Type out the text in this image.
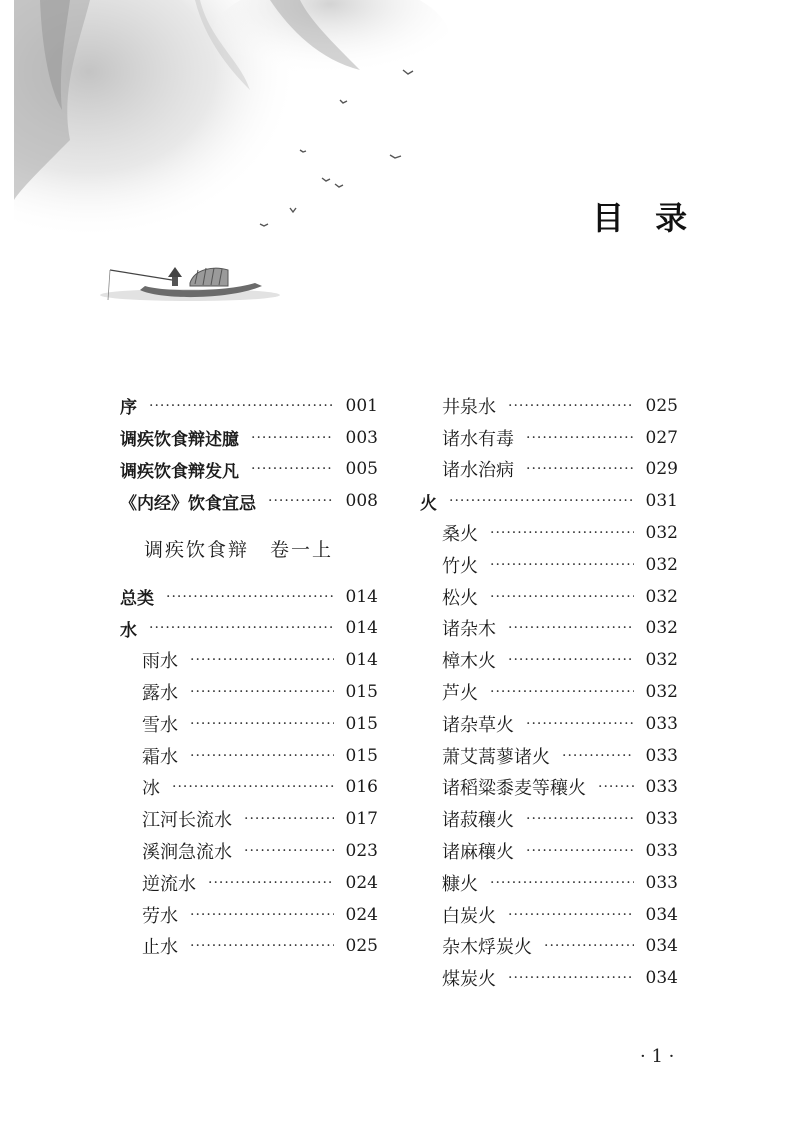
目 录
序 ·····	001
调疾饮食辩述臆 ·····	003
调疾饮食辩发凡 ·····	005
《内经》饮食宜忌 ·····	008
调疾饮食辩　卷一上
总类 ·····	014
水 ·····	014
雨水 ·····	014
露水 ·····	015
雪水 ·····	015
霜水 ·····	015
冰 ·····	016
江河长流水 ·····	017
溪涧急流水 ·····	023
逆流水 ·····	024
劳水 ·····	024
止水 ·····	025
井泉水 ·····	025
诸水有毒 ·····	027
诸水治病 ·····	029
火 ·····	031
桑火 ·····	032
竹火 ·····	032
松火 ·····	032
诸杂木 ·····	032
樟木火 ·····	032
芦火 ·····	032
诸杂草火 ·····	033
萧艾蒿蓼诸火 ·····	033
诸稻粱黍麦等穰火 ·····	033
诸菽穰火 ·····	033
诸麻穰火 ·····	033
糠火 ·····	033
白炭火 ·····	034
杂木烰炭火 ·····	034
煤炭火 ·····	034
· 1 ·
